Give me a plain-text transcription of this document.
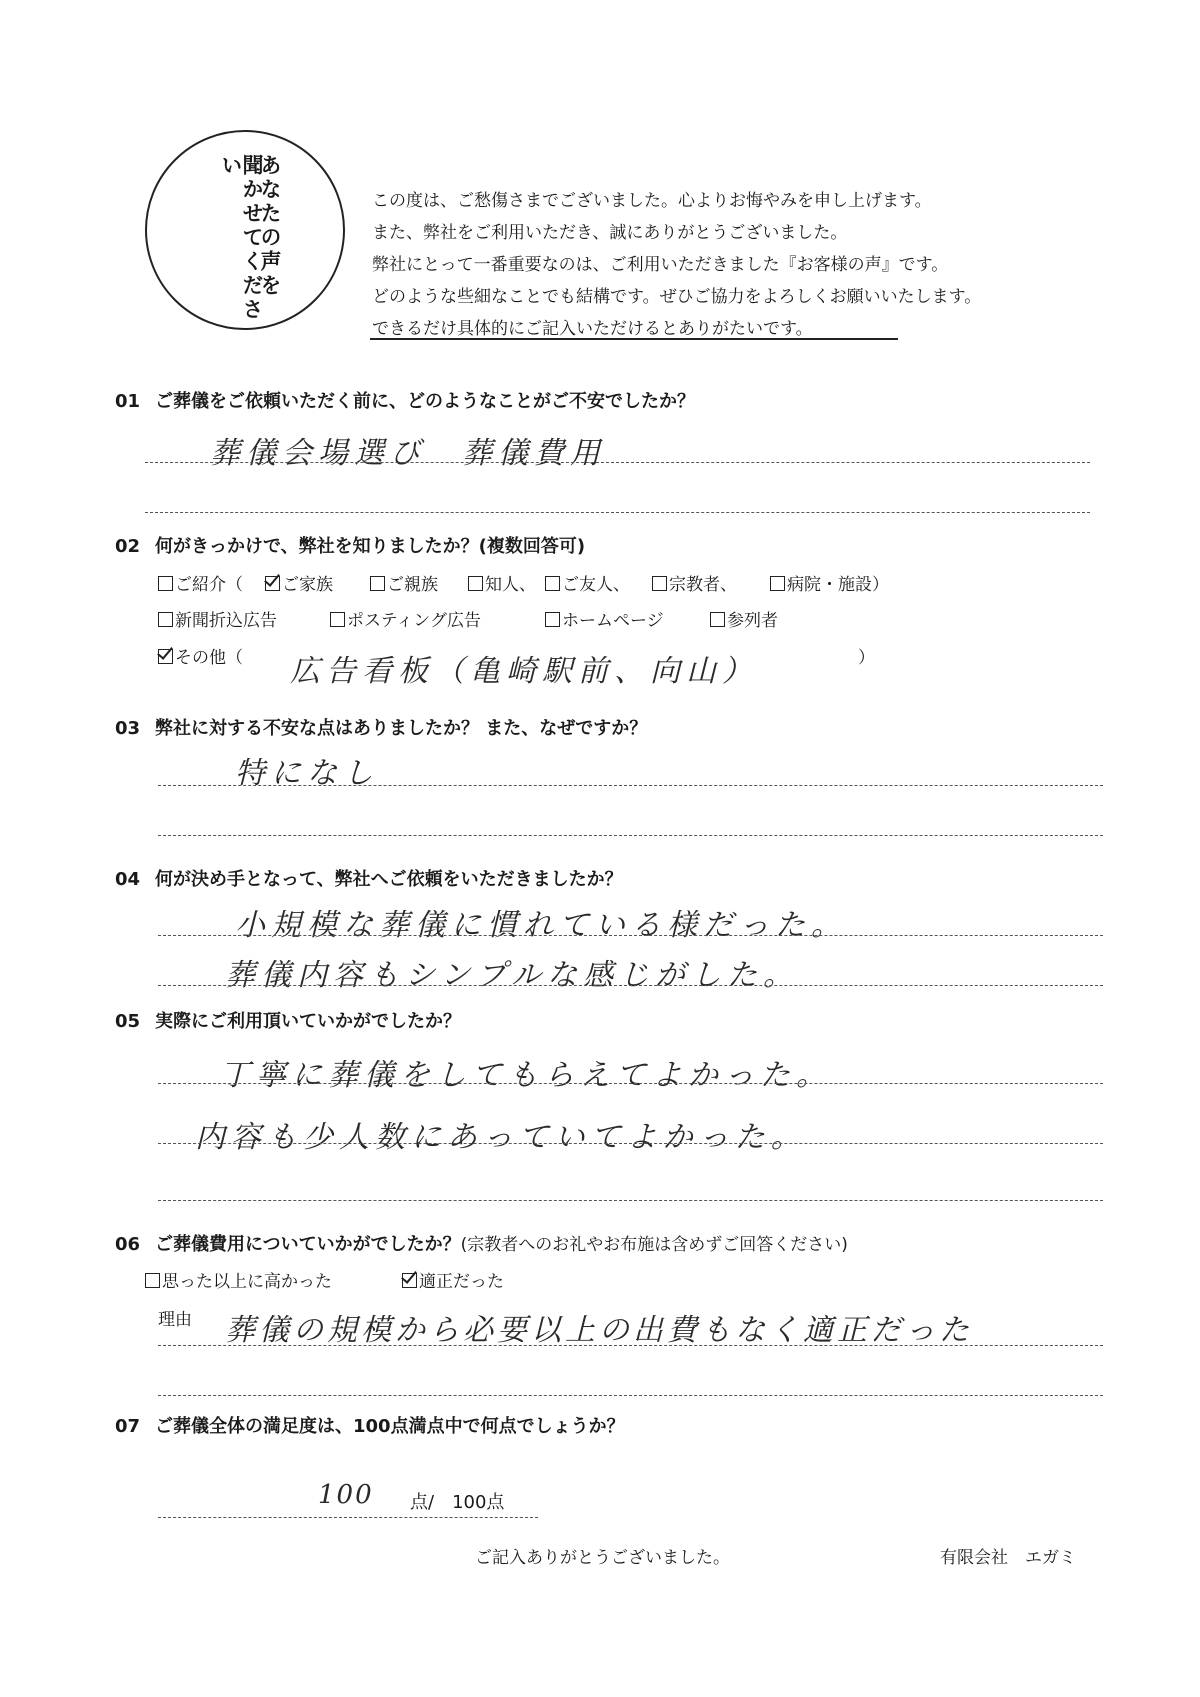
あなたの声を
聞かせてください
この度は、ご愁傷さまでございました。心よりお悔やみを申し上げます。
また、弊社をご利用いただき、誠にありがとうございました。
弊社にとって一番重要なのは、ご利用いただきました『お客様の声』です。
どのような些細なことでも結構です。ぜひご協力をよろしくお願いいたします。
できるだけ具体的にご記入いただけるとありがたいです。
01 ご葬儀をご依頼いただく前に、どのようなことがご不安でしたか？
葬儀会場選び　葬儀費用
02 何がきっかけで、弊社を知りましたか？(複数回答可)
ご紹介（	ご家族	ご親族	知人、	ご友人、	宗教者、	病院・施設）
新聞折込広告	ポスティング広告	ホームページ	参列者
その他（ 広告看板（亀崎駅前、向山）	）
03 弊社に対する不安な点はありましたか？ また、なぜですか？
特になし
04 何が決め手となって、弊社へご依頼をいただきましたか？
小規模な葬儀に慣れている様だった。
葬儀内容もシンプルな感じがした。
05 実際にご利用頂いていかがでしたか？
丁寧に葬儀をしてもらえてよかった。
内容も少人数にあっていてよかった。
06 ご葬儀費用についていかがでしたか？(宗教者へのお礼やお布施は含めずご回答ください)
思った以上に高かった	適正だった
理由 葬儀の規模から必要以上の出費もなく適正だった
07 ご葬儀全体の満足度は、100点満点中で何点でしょうか？
100 点/　100点
ご記入ありがとうございました。	有限会社　エガミ
